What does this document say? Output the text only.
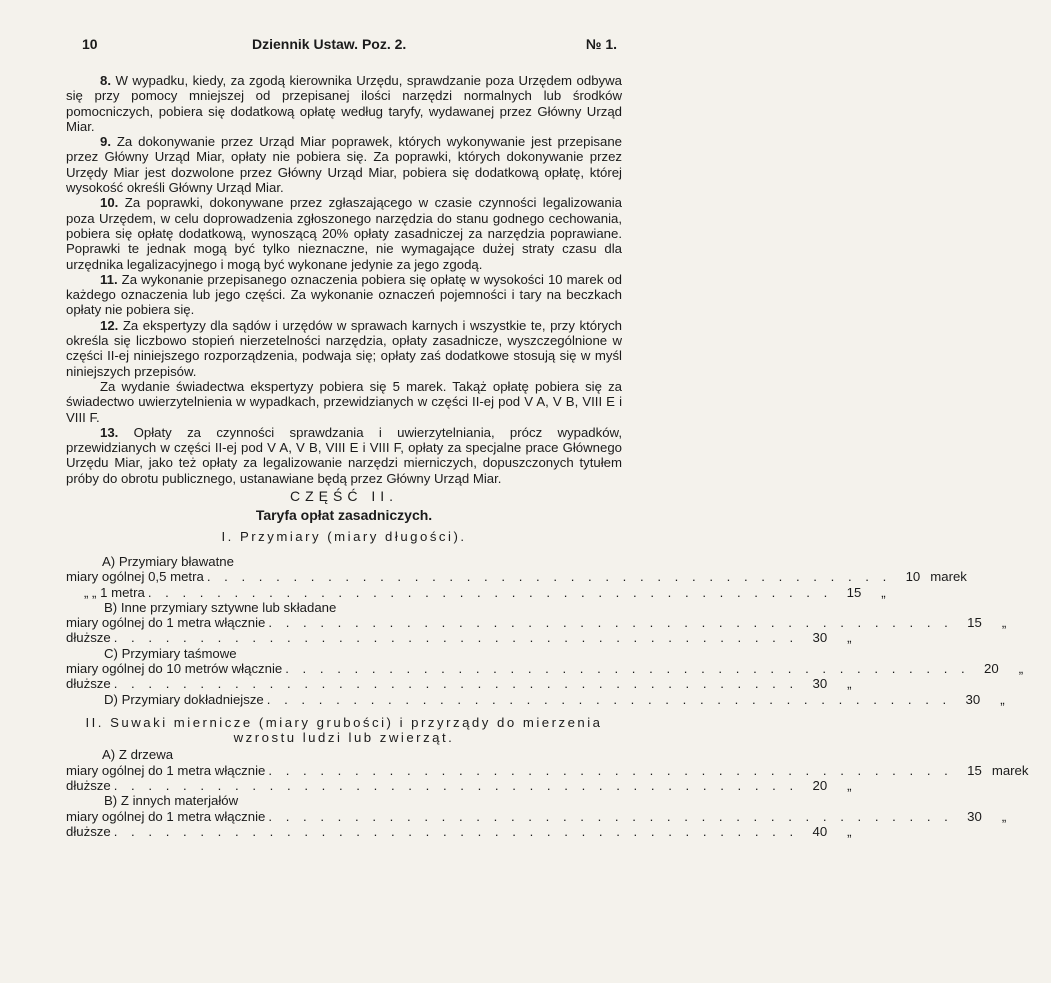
10	Dziennik Ustaw. Poz. 2.	№ 1.

8. W wypadku, kiedy, za zgodą kierownika Urzędu, sprawdzanie poza Urzędem odbywa się przy pomocy mniejszej od przepisanej ilości narzędzi normalnych lub środków pomocniczych, pobiera się dodatkową opłatę według taryfy, wydawanej przez Główny Urząd Miar.

9. Za dokonywanie przez Urząd Miar poprawek, których wykonywanie jest przepisane przez Główny Urząd Miar, opłaty nie pobiera się. Za poprawki, których dokonywanie przez Urzędy Miar jest dozwolone przez Główny Urząd Miar, pobiera się dodatkową opłatę, której wysokość określi Główny Urząd Miar.

10. Za poprawki, dokonywane przez zgłaszającego w czasie czynności legalizowania poza Urzędem, w celu doprowadzenia zgłoszonego narzędzia do stanu godnego cechowania, pobiera się opłatę dodatkową, wynoszącą 20% opłaty zasadniczej za narzędzia poprawiane. Poprawki te jednak mogą być tylko nieznaczne, nie wymagające dużej straty czasu dla urzędnika legalizacyjnego i mogą być wykonane jedynie za jego zgodą.

11. Za wykonanie przepisanego oznaczenia pobiera się opłatę w wysokości 10 marek od każdego oznaczenia lub jego części. Za wykonanie oznaczeń pojemności i tary na beczkach opłaty nie pobiera się.

12. Za ekspertyzy dla sądów i urzędów w sprawach karnych i wszystkie te, przy których określa się liczbowo stopień nierzetelności narzędzia, opłaty zasadnicze, wyszczególnione w części II-ej niniejszego rozporządzenia, podwaja się; opłaty zaś dodatkowe stosują się w myśl niniejszych przepisów.

Za wydanie świadectwa ekspertyzy pobiera się 5 marek. Takąż opłatę pobiera się za świadectwo uwierzytelnienia w wypadkach, przewidzianych w części II-ej pod V A, V B, VIII E i VIII F.

13. Opłaty za czynności sprawdzania i uwierzytelniania, prócz wypadków, przewidzianych w części II-ej pod V A, V B, VIII E i VIII F, opłaty za specjalne prace Głównego Urzędu Miar, jako też opłaty za legalizowanie narzędzi mierniczych, dopuszczonych tytułem próby do obrotu publicznego, ustanawiane będą przez Główny Urząd Miar.

CZĘŚĆ II.

Taryfa opłat zasadniczych.

I. Przymiary (miary długości).

A) Przymiary bławatne
miary ogólnej 0,5 metra . . . . . . . . . . . . . . . . . . . . . . . . . . . . . . . . . . . . . . . .	10 marek
„ „ 1 metra . . . . . . . . . . . . . . . . . . . . . . . . . . . . . . . . . . . . . . . .	15	„
B) Inne przymiary sztywne lub składane
miary ogólnej do 1 metra włącznie . . . . . . . . . . . . . . . . . . . . . . . . . . . . . . . . . . . . . . . .	15	„
dłuższe . . . . . . . . . . . . . . . . . . . . . . . . . . . . . . . . . . . . . . . .	30	„
C) Przymiary taśmowe
miary ogólnej do 10 metrów włącznie . . . . . . . . . . . . . . . . . . . . . . . . . . . . . . . . . . . . . . . .	20	„
dłuższe . . . . . . . . . . . . . . . . . . . . . . . . . . . . . . . . . . . . . . . .	30	„
D) Przymiary dokładniejsze . . . . . . . . . . . . . . . . . . . . . . . . . . . . . . . . . . . . . . . .	30	„

II. Suwaki miernicze (miary grubości) i przyrządy do mierzenia wzrostu ludzi lub zwierząt.

A) Z drzewa
miary ogólnej do 1 metra włącznie . . . . . . . . . . . . . . . . . . . . . . . . . . . . . . . . . . . . . . . .	15 marek
dłuższe . . . . . . . . . . . . . . . . . . . . . . . . . . . . . . . . . . . . . . . .	20	„
B) Z innych materjałów
miary ogólnej do 1 metra włącznie . . . . . . . . . . . . . . . . . . . . . . . . . . . . . . . . . . . . . . . .	30	„
dłuższe . . . . . . . . . . . . . . . . . . . . . . . . . . . . . . . . . . . . . . . .	40	„
